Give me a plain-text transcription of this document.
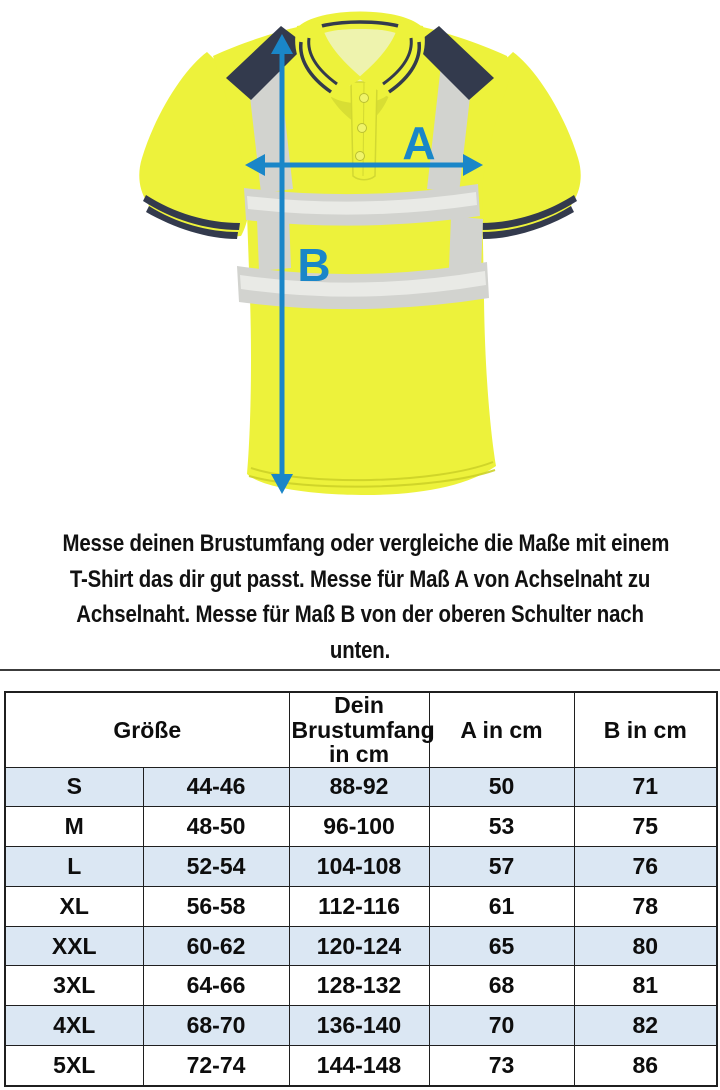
A
B
Messe deinen Brustumfang oder vergleiche die Maße mit einem
T-Shirt das dir gut passt. Messe für Maß A von Achselnaht zu
Achselnaht. Messe für Maß B von der oberen Schulter nach
unten.
Größe		Dein Brustumfang in cm	A in cm	B in cm
S	44-46	88-92	50	71
M	48-50	96-100	53	75
L	52-54	104-108	57	76
XL	56-58	112-116	61	78
XXL	60-62	120-124	65	80
3XL	64-66	128-132	68	81
4XL	68-70	136-140	70	82
5XL	72-74	144-148	73	86
